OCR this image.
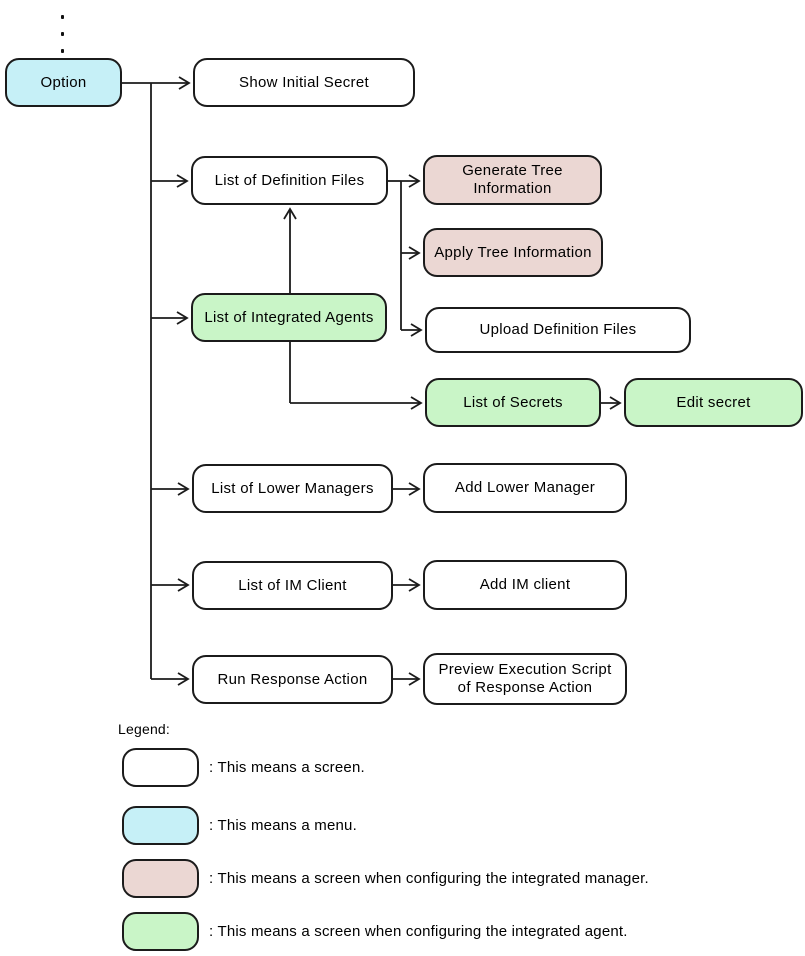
Option	Show Initial Secret
List of Definition Files
Generate Tree Information
Apply Tree Information
Upload Definition Files
List of Integrated Agents
List of Secrets	Edit secret
List of Lower Managers	Add Lower Manager
List of IM Client	Add IM client
Run Response Action
Preview Execution Script of Response Action
Legend:
: This means a screen.
: This means a menu.
: This means a screen when configuring the integrated manager.
: This means a screen when configuring the integrated agent.
